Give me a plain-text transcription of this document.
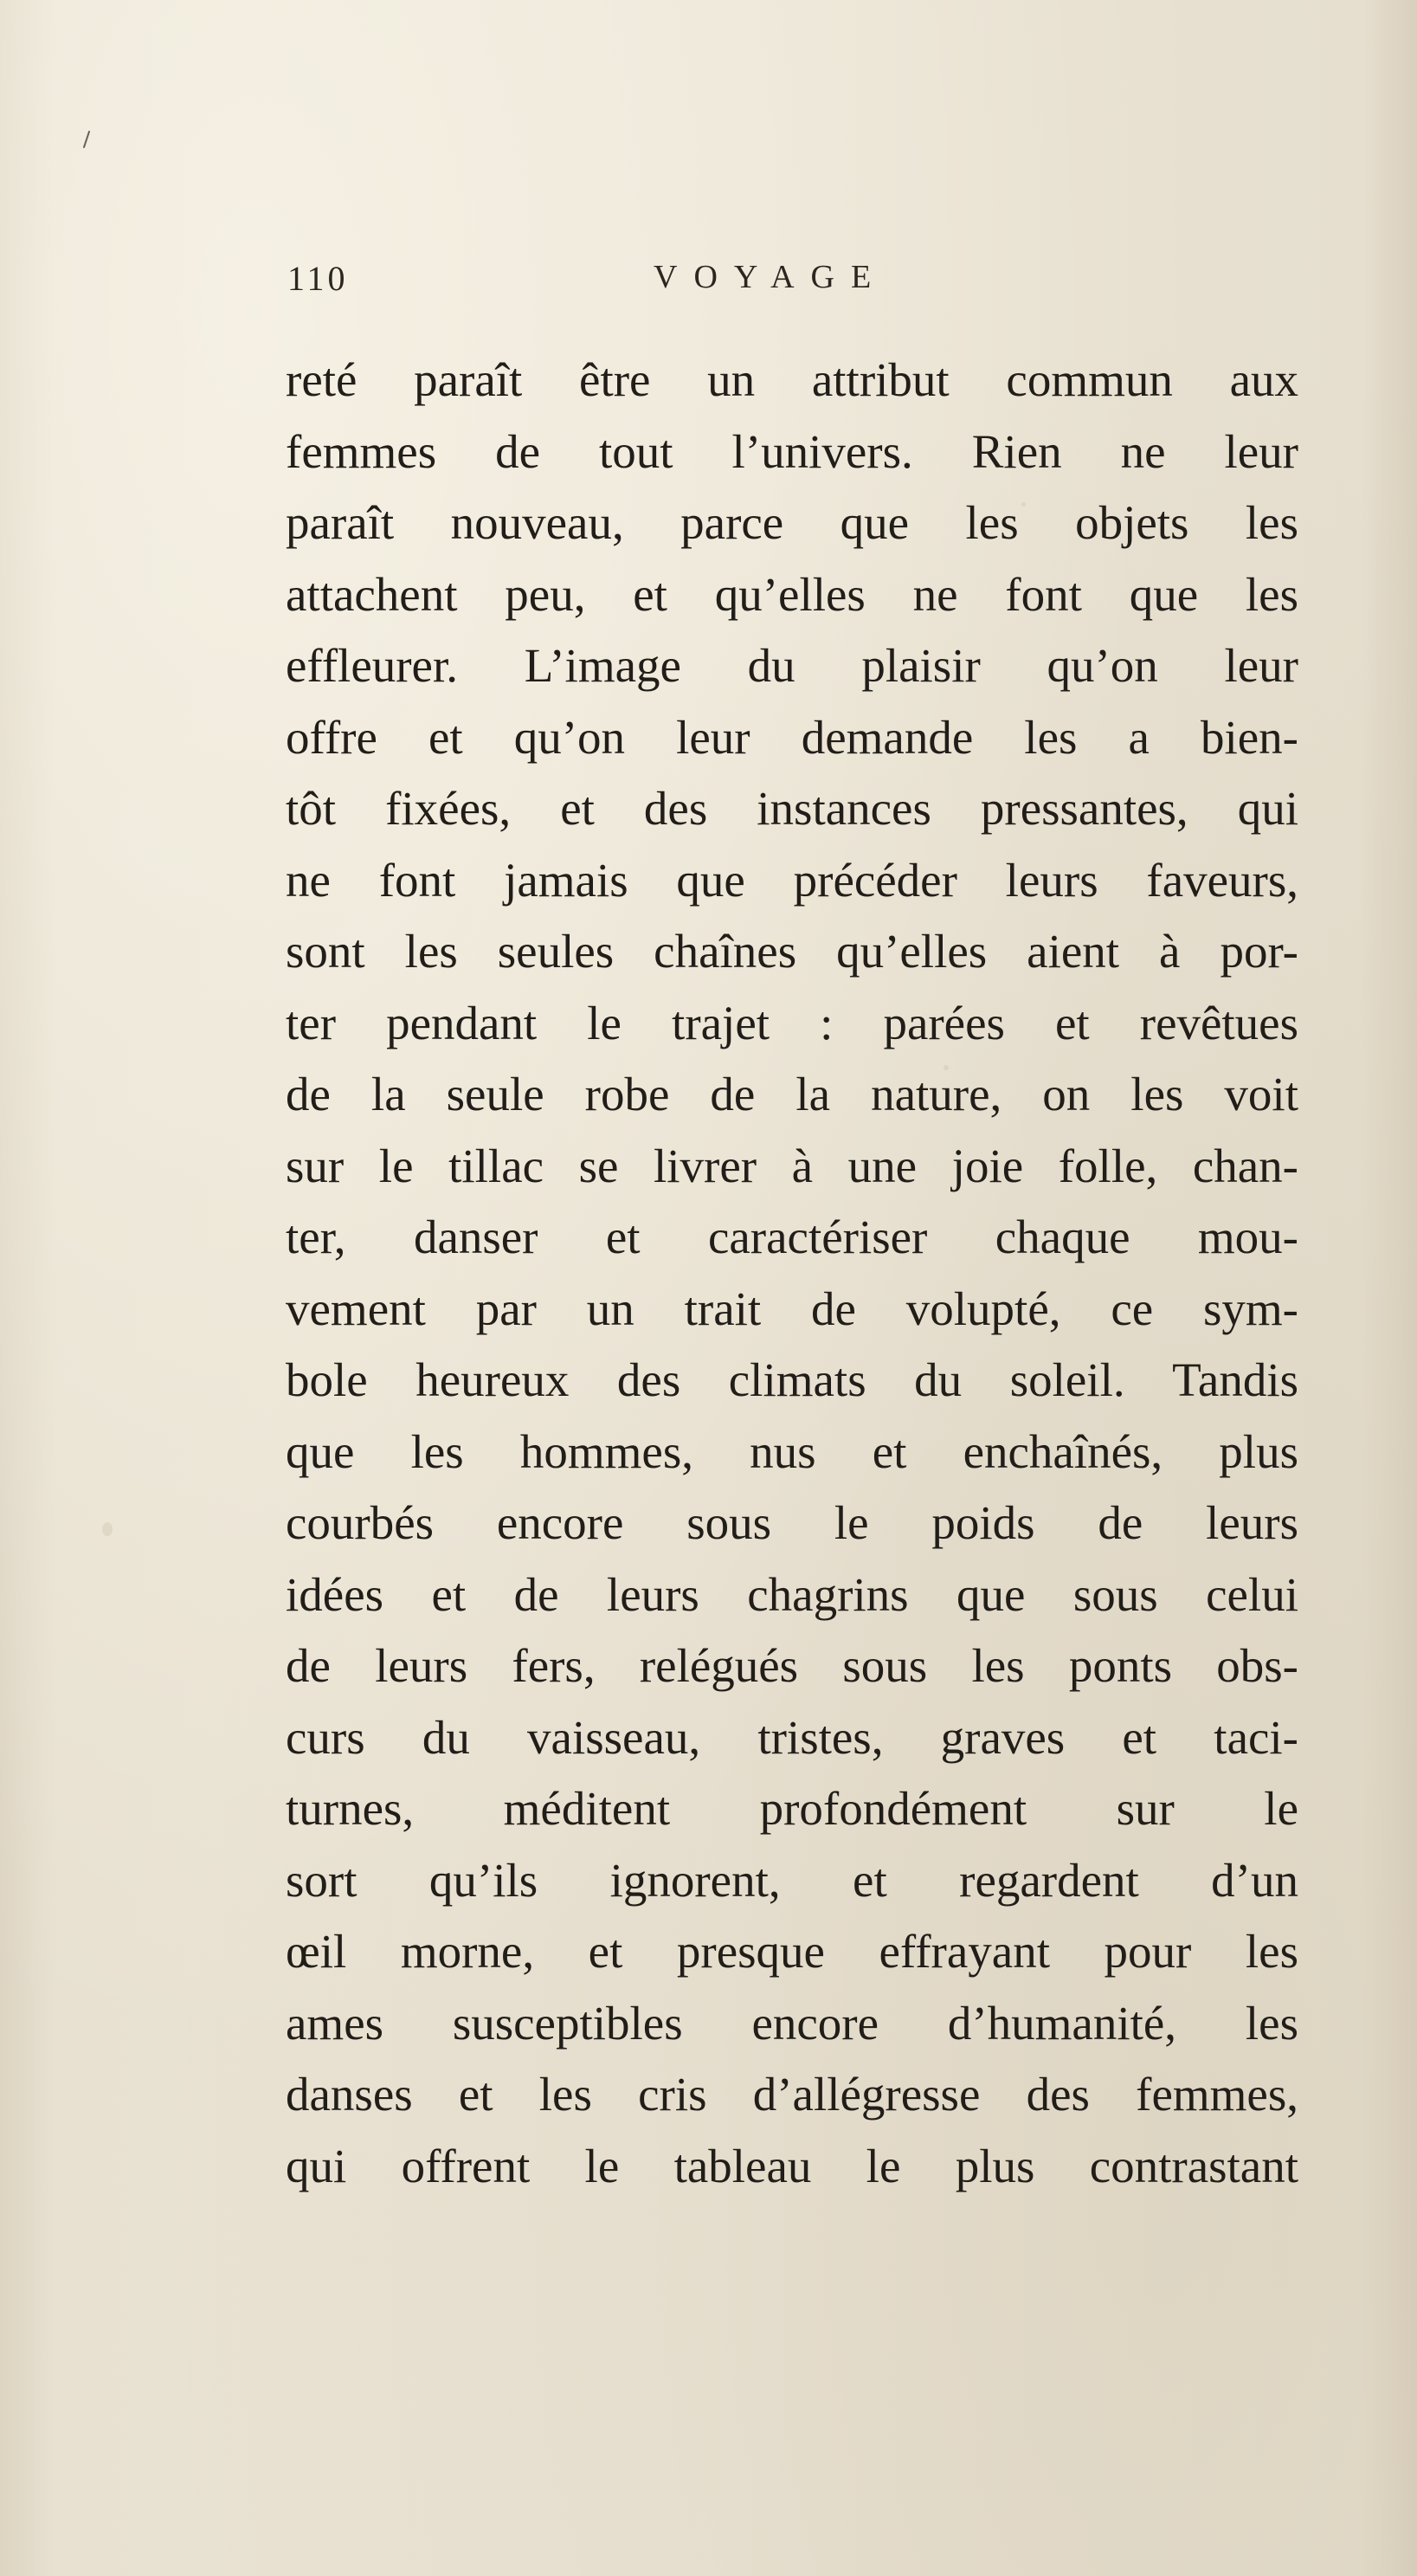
110	VOYAGE
reté paraît être un attribut commun aux
femmes de tout l’univers. Rien ne leur
paraît nouveau, parce que les objets les
attachent peu, et qu’elles ne font que les
effleurer. L’image du plaisir qu’on leur
offre et qu’on leur demande les a bien-
tôt fixées, et des instances pressantes, qui
ne font jamais que précéder leurs faveurs,
sont les seules chaînes qu’elles aient à por-
ter pendant le trajet : parées et revêtues
de la seule robe de la nature, on les voit
sur le tillac se livrer à une joie folle, chan-
ter, danser et caractériser chaque mou-
vement par un trait de volupté, ce sym-
bole heureux des climats du soleil. Tandis
que les hommes, nus et enchaînés, plus
courbés encore sous le poids de leurs
idées et de leurs chagrins que sous celui
de leurs fers, relégués sous les ponts obs-
curs du vaisseau, tristes, graves et taci-
turnes, méditent profondément sur le
sort qu’ils ignorent, et regardent d’un
œil morne, et presque effrayant pour les
ames susceptibles encore d’humanité, les
danses et les cris d’allégresse des femmes,
qui offrent le tableau le plus contrastant
